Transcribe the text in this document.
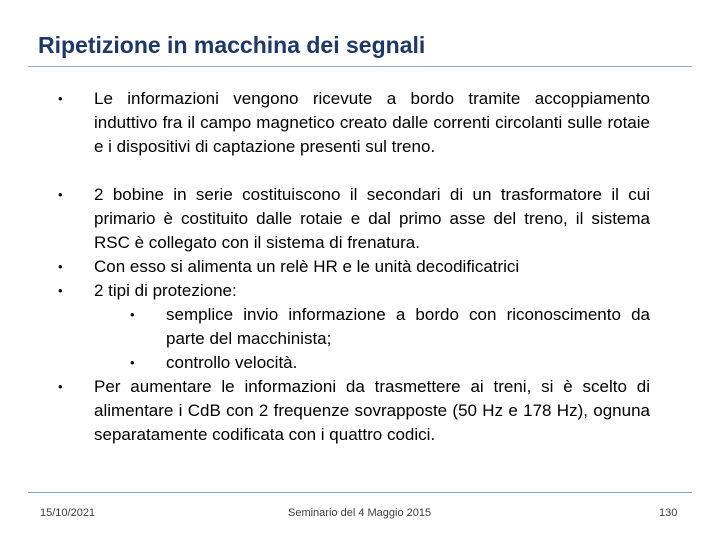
Ripetizione in macchina dei segnali
• Le informazioni vengono ricevute a bordo tramite accoppiamento induttivo fra il campo magnetico creato dalle correnti circolanti sulle rotaie e i dispositivi di captazione presenti sul treno.
• 2 bobine in serie costituiscono il secondari di un trasformatore il cui primario è costituito dalle rotaie e dal primo asse del treno, il sistema RSC è collegato con il sistema di frenatura.
• Con esso si alimenta un relè HR e le unità decodificatrici
• 2 tipi di protezione:
• semplice invio informazione a bordo con riconoscimento da parte del macchinista;
• controllo velocità.
• Per aumentare le informazioni da trasmettere ai treni, si è scelto di alimentare i CdB con 2 frequenze sovrapposte (50 Hz e 178 Hz), ognuna separatamente codificata con i quattro codici.
15/10/2021	Seminario del 4 Maggio 2015	130
